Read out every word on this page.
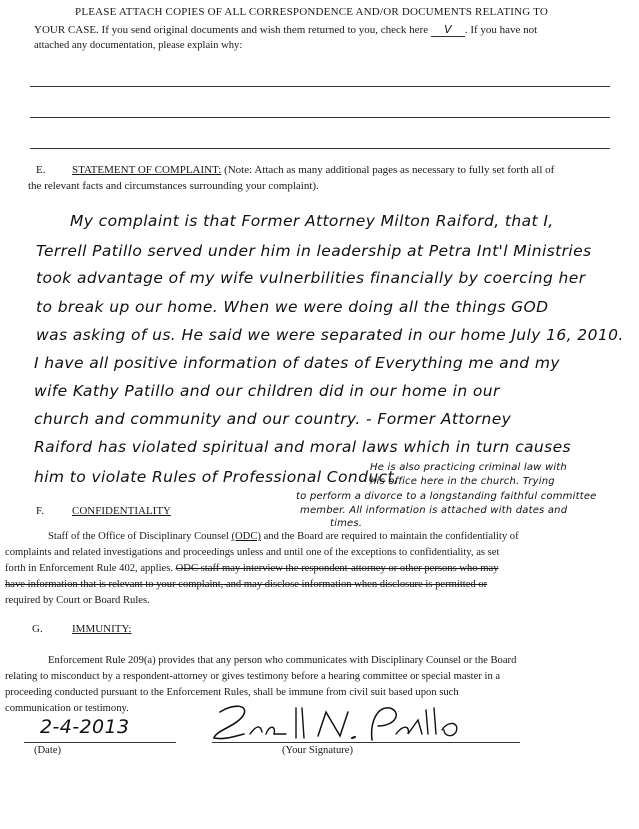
PLEASE ATTACH COPIES OF ALL CORRESPONDENCE AND/OR DOCUMENTS RELATING TO
YOUR CASE. If you send original documents and wish them returned to you, check here V . If you have not
attached any documentation, please explain why:
E. STATEMENT OF COMPLAINT: (Note: Attach as many additional pages as necessary to fully set forth all of
the relevant facts and circumstances surrounding your complaint).
My complaint is that Former Attorney Milton Raiford, that I,
Terrell Patillo served under him in leadership at Petra Int'l Ministries
took advantage of my wife vulnerbilities financially by coercing her
to break up our home. When we were doing all the things GOD
was asking of us. He said we were separated in our home July 16, 2010.
I have all positive information of dates of Everything me and my
wife Kathy Patillo and our children did in our home in our
church and community and our country. - Former Attorney
Raiford has violated spiritual and moral laws which in turn causes
him to violate Rules of Professional Conduct,
He is also practicing criminal law with
his office here in the church. Trying
to perform a divorce to a longstanding faithful committee
member. All information is attached with dates and
times.
F.	CONFIDENTIALITY
Staff of the Office of Disciplinary Counsel (ODC) and the Board are required to maintain the confidentiality of
complaints and related investigations and proceedings unless and until one of the exceptions to confidentiality, as set
forth in Enforcement Rule 402, applies. ODC staff may interview the respondent-attorney or other persons who may
have information that is relevant to your complaint, and may disclose information when disclosure is permitted or
required by Court or Board Rules.
G.	IMMUNITY:
Enforcement Rule 209(a) provides that any person who communicates with Disciplinary Counsel or the Board
relating to misconduct by a respondent-attorney or gives testimony before a hearing committee or special master in a
proceeding conducted pursuant to the Enforcement Rules, shall be immune from civil suit based upon such
communication or testimony.
2-4-2013
(Date)	(Your Signature)
